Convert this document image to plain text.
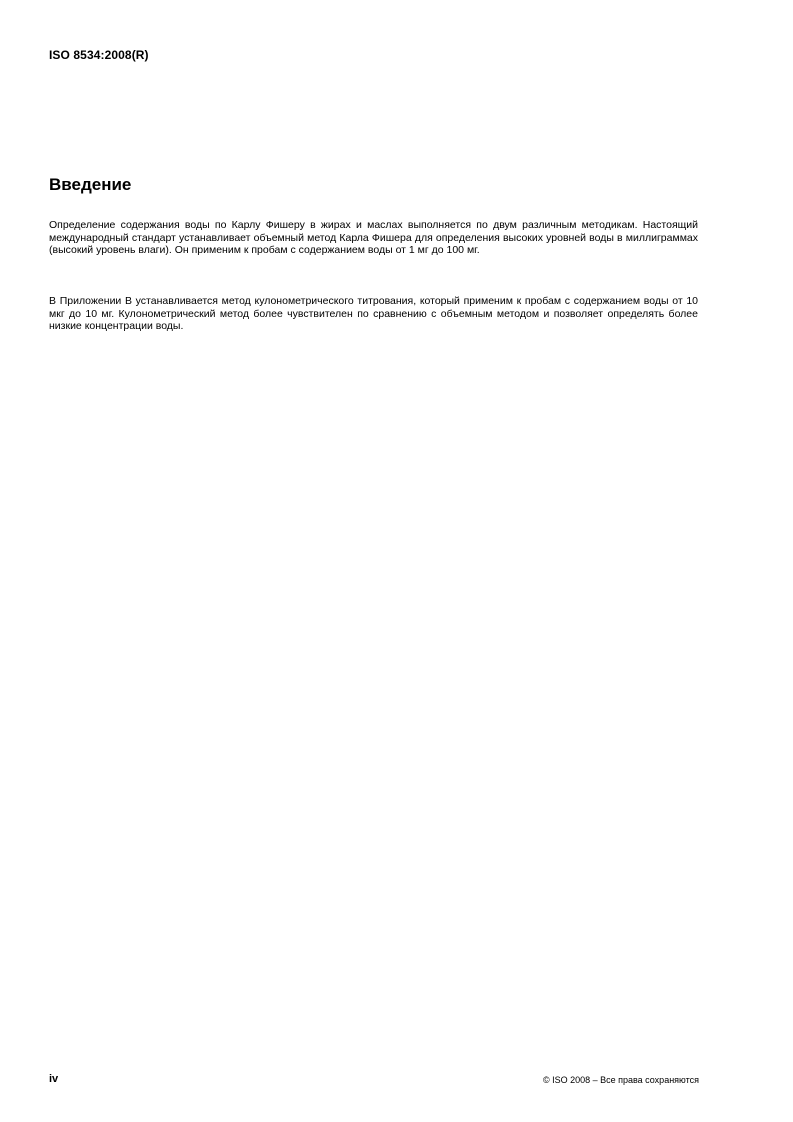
ISO 8534:2008(R)
Введение

Определение содержания воды по Карлу Фишеру в жирах и маслах выполняется по двум различным методикам. Настоящий международный стандарт устанавливает объемный метод Карла Фишера для определения высоких уровней воды в миллиграммах (высокий уровень влаги). Он применим к пробам с содержанием воды от 1 мг до 100 мг.

В Приложении B устанавливается метод кулонометрического титрования, который применим к пробам с содержанием воды от 10 мкг до 10 мг. Кулонометрический метод более чувствителен по сравнению с объемным методом и позволяет определять более низкие концентрации воды.

iv	© ISO 2008 – Все права сохраняются
